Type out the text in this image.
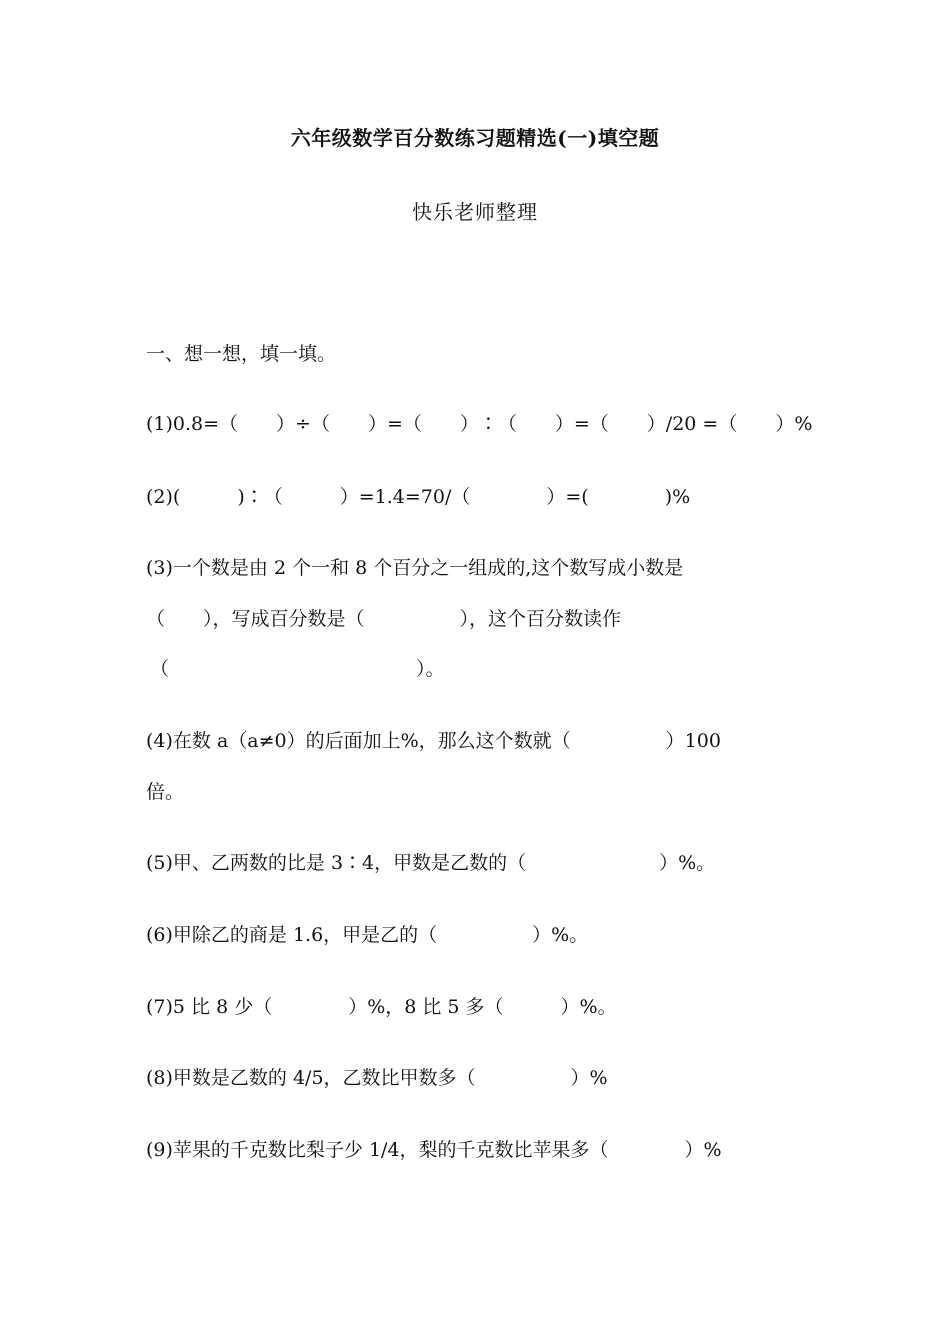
六年级数学百分数练习题精选(一)填空题
快乐老师整理
一、想一想，填一填。
(1)0.8=（　　）÷（　　）=（　　）∶（　　）=（　　）/20 =（　　）%
(2)(　　　)∶（　　　）=1.4=70/（　　　　）=(　　　　)%
(3)一个数是由 2 个一和 8 个百分之一组成的,这个数写成小数是
（　　），写成百分数是（　　　　　），这个百分数读作
（　　　　　　　　　　　　　）。
(4)在数 a（a≠0）的后面加上%，那么这个数就（　　　　　）100
倍。
(5)甲、乙两数的比是 3∶4，甲数是乙数的（　　　　　　　）%。
(6)甲除乙的商是 1.6，甲是乙的（　　　　　）%。
(7)5 比 8 少（　　　　）%，8 比 5 多（　　　）%。
(8)甲数是乙数的 4/5，乙数比甲数多（　　　　　）%
(9)苹果的千克数比梨子少 1/4，梨的千克数比苹果多（　　　　）%
